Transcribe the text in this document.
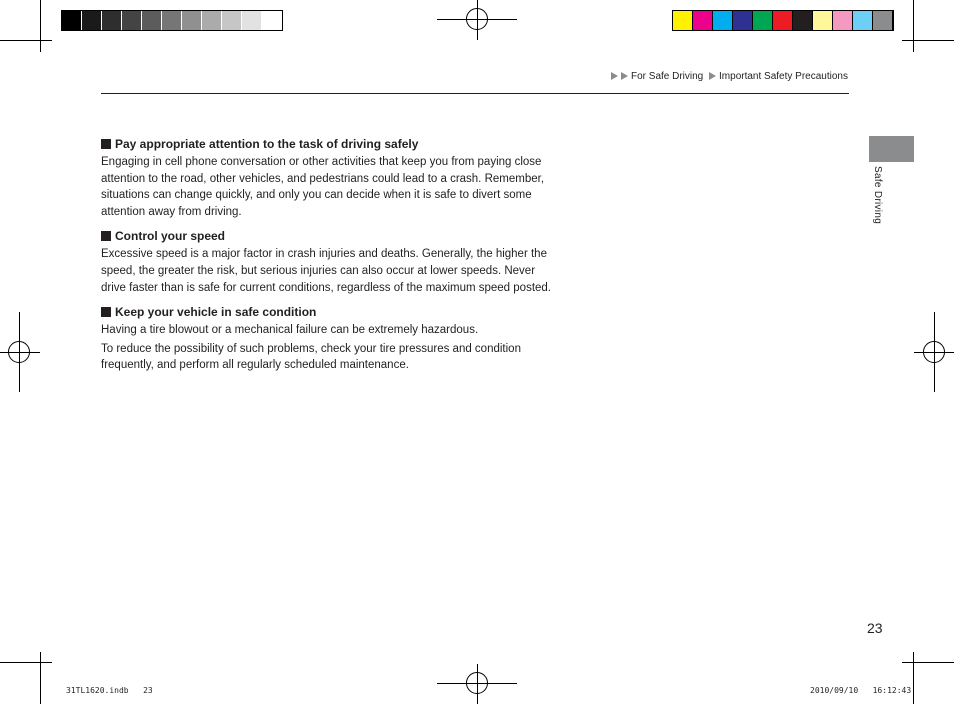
For Safe Driving Important Safety Precautions
Safe Driving
Pay appropriate attention to the task of driving safely

Engaging in cell phone conversation or other activities that keep you from paying close attention to the road, other vehicles, and pedestrians could lead to a crash. Remember, situations can change quickly, and only you can decide when it is safe to divert some attention away from driving.

Control your speed

Excessive speed is a major factor in crash injuries and deaths. Generally, the higher the speed, the greater the risk, but serious injuries can also occur at lower speeds. Never drive faster than is safe for current conditions, regardless of the maximum speed posted.

Keep your vehicle in safe condition

Having a tire blowout or a mechanical failure can be extremely hazardous.

To reduce the possibility of such problems, check your tire pressures and condition frequently, and perform all regularly scheduled maintenance.

23
31TL1620.indb   23	2010/09/10   16:12:43
